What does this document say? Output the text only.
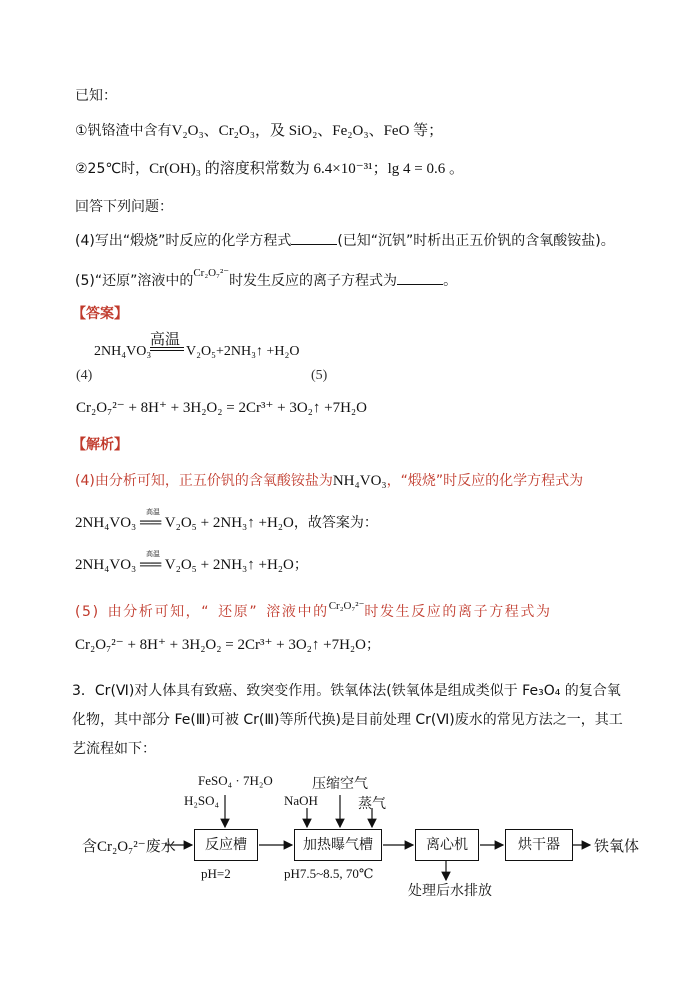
已知：
①钒铬渣中含有V₂O₃、Cr₂O₃，及 SiO₂、Fe₂O₃、FeO 等；
②25℃时，Cr(OH)₃ 的溶度积常数为 6.4×10⁻³¹；lg 4 = 0.6 。
回答下列问题：
(4)写出“煅烧”时反应的化学方程式	(已知“沉钒”时析出正五价钒的含氧酸铵盐)。
(5)“还原”溶液中的$^{Cr_2O_7^{2-}}$时发生反应的离子方程式为	。
【答案】
2NH₄VO₃
高温
V₂O₅+2NH₃↑ +H₂O
(4)	(5)
Cr₂O₇²⁻ + 8H⁺ + 3H₂O₂ = 2Cr³⁺ + 3O₂↑ +7H₂O
【解析】
(4)由分析可知，正五价钒的含氧酸铵盐为NH₄VO₃，“煅烧”时反应的化学方程式为
2NH₄VO₃ ══ V₂O₅ + 2NH₃↑ +H₂O，故答案为：
高温
2NH₄VO₃ ══ V₂O₅ + 2NH₃↑ +H₂O；
高温
(5) 由分析可知，“ 还原” 溶液中的$^{Cr_2O_7^{2-}}$时发生反应的离子方程式为
Cr₂O₇²⁻ + 8H⁺ + 3H₂O₂ = 2Cr³⁺ + 3O₂↑ +7H₂O；
3．Cr(Ⅵ)对人体具有致癌、致突变作用。铁氧体法(铁氧体是组成类似于 Fe₃O₄ 的复合氧
化物，其中部分 Fe(Ⅲ)可被 Cr(Ⅲ)等所代换)是目前处理 Cr(Ⅵ)废水的常见方法之一，其工
艺流程如下：
含Cr₂O₇²⁻废水
FeSO₄ · 7H₂O
H₂SO₄
反应槽
pH=2
压缩空气
NaOH	蒸气
加热曝气槽
pH7.5~8.5, 70℃
离心机
处理后水排放
烘干器	铁氧体
